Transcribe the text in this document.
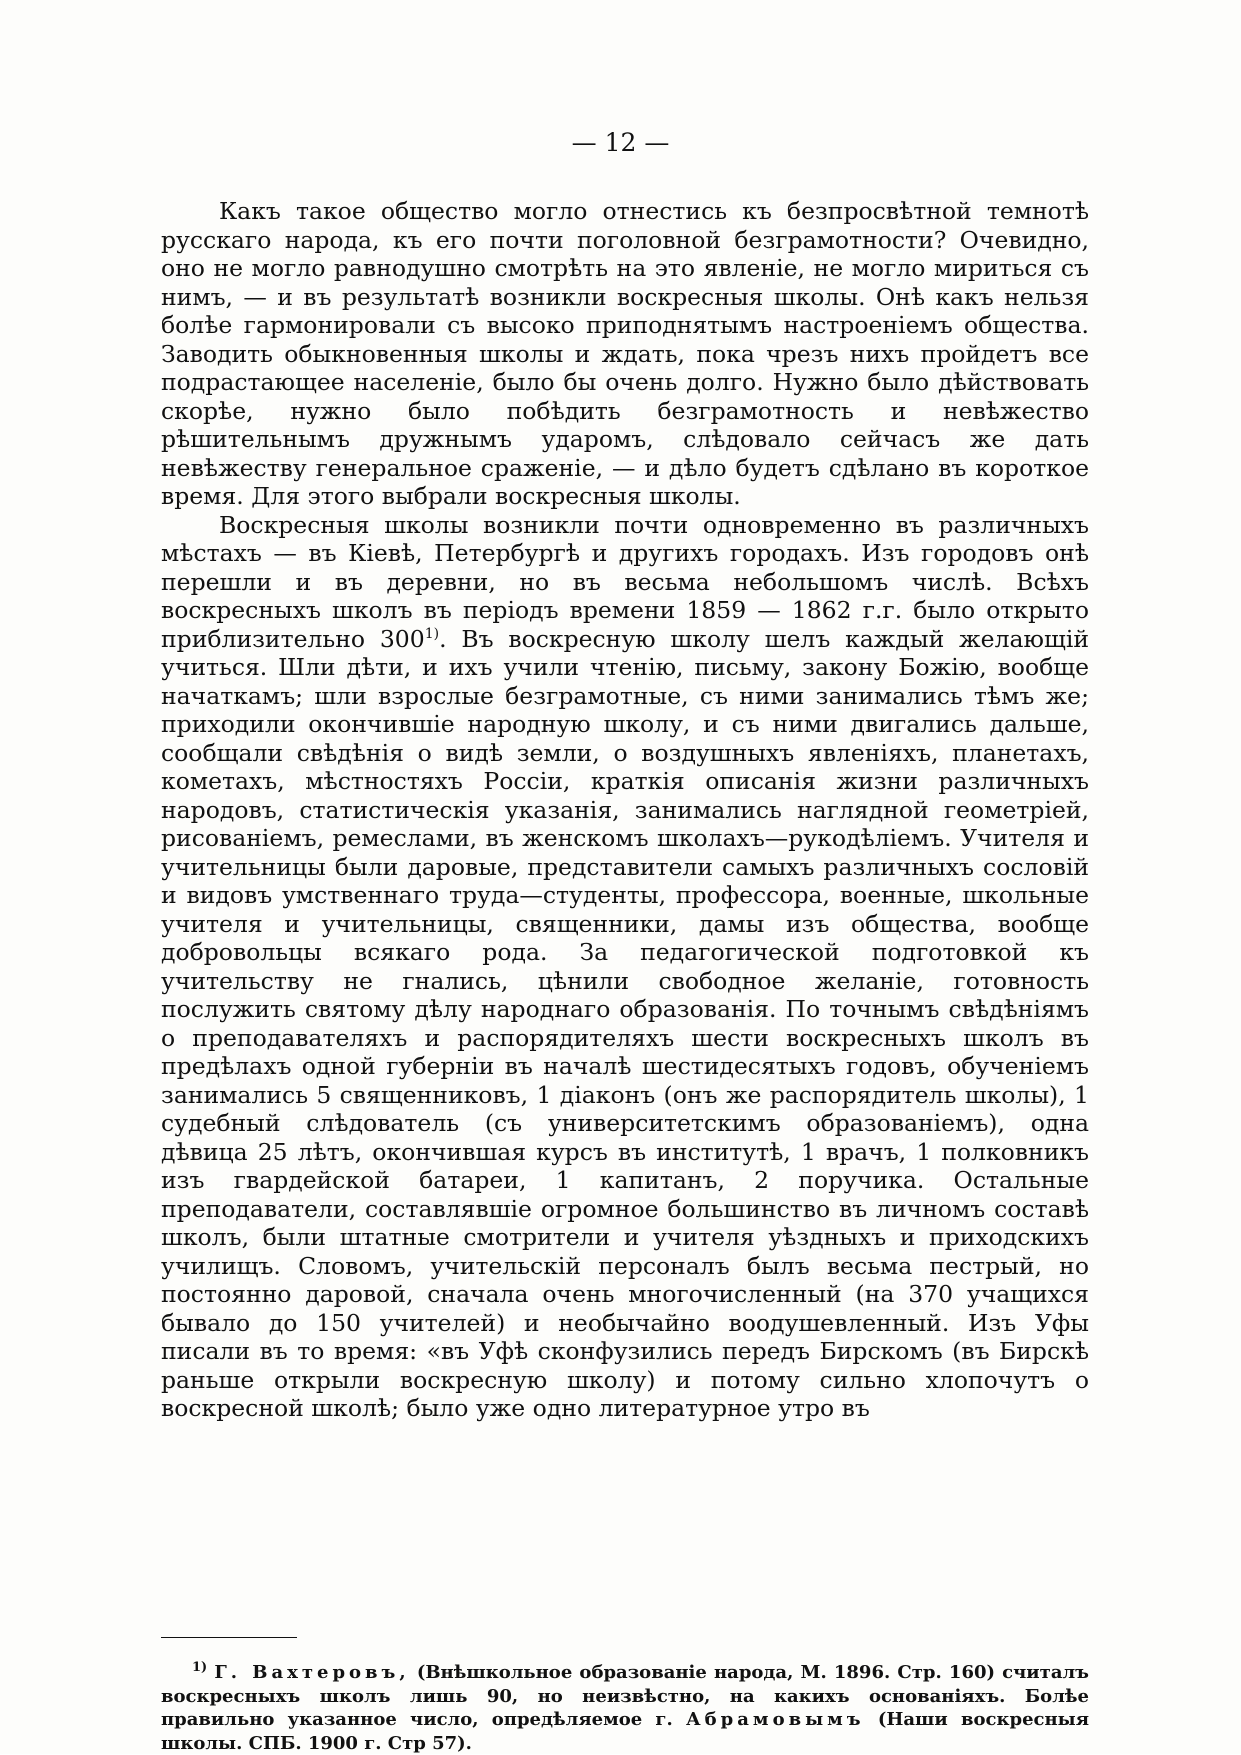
— 12 —

Какъ такое общество могло отнестись къ безпросвѣтной темнотѣ русскаго народа, къ его почти поголовной безграмотности? Очевидно, оно не могло равнодушно смотрѣть на это явленіе, не могло мириться съ нимъ, — и въ результатѣ возникли воскресныя школы. Онѣ какъ нельзя болѣе гармонировали съ высоко приподнятымъ настроеніемъ общества. Заводить обыкновенныя школы и ждать, пока чрезъ нихъ пройдетъ все подрастающее населеніе, было бы очень долго. Нужно было дѣйствовать скорѣе, нужно было побѣдить безграмотность и невѣжество рѣшительнымъ дружнымъ ударомъ, слѣдовало сейчасъ же дать невѣжеству генеральное сраженіе, — и дѣло будетъ сдѣлано въ короткое время. Для этого выбрали воскресныя школы.

Воскресныя школы возникли почти одновременно въ различныхъ мѣстахъ — въ Кіевѣ, Петербургѣ и другихъ городахъ. Изъ городовъ онѣ перешли и въ деревни, но въ весьма небольшомъ числѣ. Всѣхъ воскресныхъ школъ въ періодъ времени 1859 — 1862 г.г. было открыто приблизительно 300$^{1)}$. Въ воскресную школу шелъ каждый желающій учиться. Шли дѣти, и ихъ учили чтенію, письму, закону Божію, вообще начаткамъ; шли взрослые безграмотные, съ ними занимались тѣмъ же; приходили окончившіе народную школу, и съ ними двигались дальше, сообщали свѣдѣнія о видѣ земли, о воздушныхъ явленіяхъ, планетахъ, кометахъ, мѣстностяхъ Россіи, краткія описанія жизни различныхъ народовъ, статистическія указанія, занимались наглядной геометріей, рисованіемъ, ремеслами, въ женскомъ школахъ—рукодѣліемъ. Учителя и учительницы были даровые, представители самыхъ различныхъ сословій и видовъ умственнаго труда—студенты, профессора, военные, школьные учителя и учительницы, священники, дамы изъ общества, вообще добровольцы всякаго рода. За педагогической подготовкой къ учительству не гнались, цѣнили свободное желаніе, готовность послужить святому дѣлу народнаго образованія. По точнымъ свѣдѣніямъ о преподавателяхъ и распорядителяхъ шести воскресныхъ школъ въ предѣлахъ одной губерніи въ началѣ шестидесятыхъ годовъ, обученіемъ занимались 5 священниковъ, 1 діаконъ (онъ же распорядитель школы), 1 судебный слѣдователь (съ университетскимъ образованіемъ), одна дѣвица 25 лѣтъ, окончившая курсъ въ институтѣ, 1 врачъ, 1 полковникъ изъ гвардейской батареи, 1 капитанъ, 2 поручика. Остальные преподаватели, составлявшіе огромное большинство въ личномъ составѣ школъ, были штатные смотрители и учителя уѣздныхъ и приходскихъ училищъ. Словомъ, учительскій персоналъ былъ весьма пестрый, но постоянно даровой, сначала очень многочисленный (на 370 учащихся бывало до 150 учителей) и необычайно воодушевленный. Изъ Уфы писали въ то время: «въ Уфѣ сконфузились передъ Бирскомъ (въ Бирскѣ раньше открыли воскресную школу) и потому сильно хлопочутъ о воскресной школѣ; было уже одно литературное утро въ

$^{1)}$ Г. Вахтеровъ, (Внѣшкольное образованіе народа, М. 1896. Стр. 160) считалъ воскресныхъ школъ лишь 90, но неизвѣстно, на какихъ основаніяхъ. Болѣе правильно указанное число, опредѣляемое г. Абрамовымъ (Наши воскресныя школы. СПБ. 1900 г. Стр 57).
